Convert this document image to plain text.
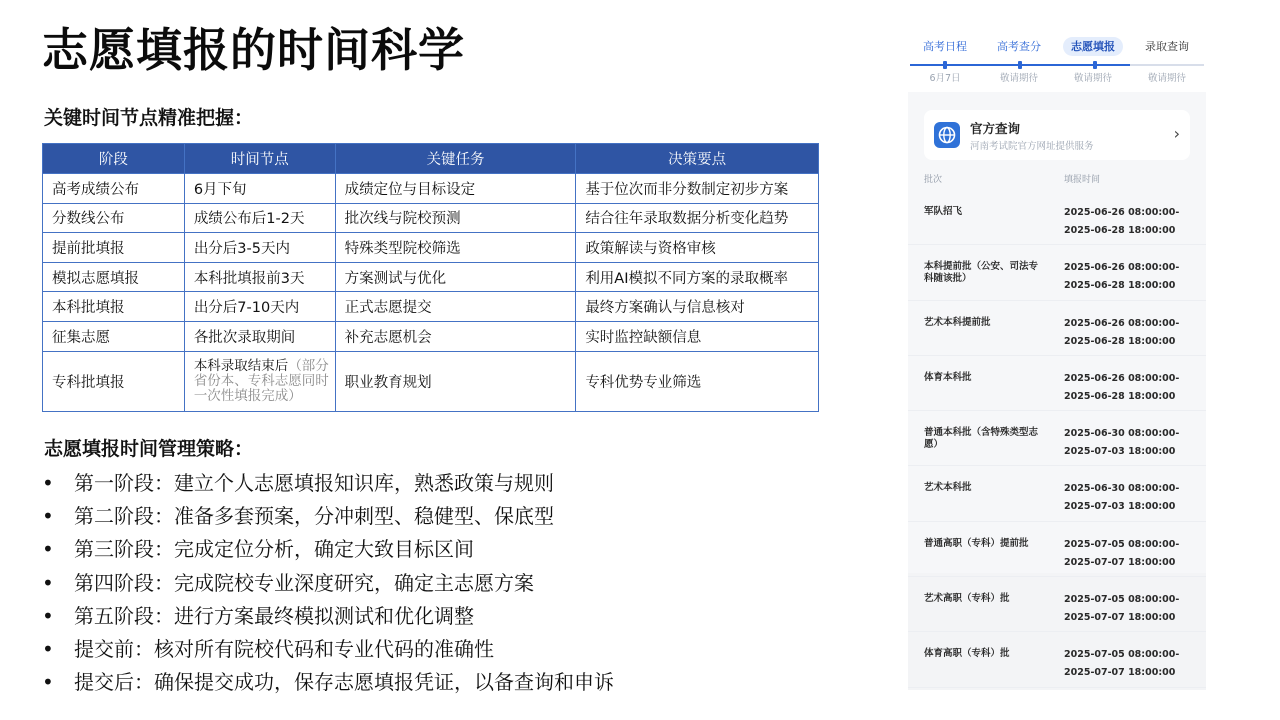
志愿填报的时间科学
关键时间节点精准把握：
阶段	时间节点	关键任务	决策要点
高考成绩公布	6月下旬	成绩定位与目标设定	基于位次而非分数制定初步方案
分数线公布	成绩公布后1-2天	批次线与院校预测	结合往年录取数据分析变化趋势
提前批填报	出分后3-5天内	特殊类型院校筛选	政策解读与资格审核
模拟志愿填报	本科批填报前3天	方案测试与优化	利用AI模拟不同方案的录取概率
本科批填报	出分后7-10天内	正式志愿提交	最终方案确认与信息核对
征集志愿	各批次录取期间	补充志愿机会	实时监控缺额信息
专科批填报	本科录取结束后（部分省份本、专科志愿同时一次性填报完成）	职业教育规划	专科优势专业筛选
志愿填报时间管理策略：
•	第一阶段：建立个人志愿填报知识库，熟悉政策与规则
•	第二阶段：准备多套预案，分冲刺型、稳健型、保底型
•	第三阶段：完成定位分析，确定大致目标区间
•	第四阶段：完成院校专业深度研究，确定主志愿方案
•	第五阶段：进行方案最终模拟测试和优化调整
•	提交前：核对所有院校代码和专业代码的准确性
•	提交后：确保提交成功，保存志愿填报凭证，以备查询和申诉
高考日程	高考查分	志愿填报	录取查询
6月7日	敬请期待	敬请期待	敬请期待
官方查询
河南考试院官方网址提供服务
›
批次	填报时间
军队招飞	2025-06-26 08:00:00-
2025-06-28 18:00:00
本科提前批（公安、司法专科随该批）
2025-06-26 08:00:00-
2025-06-28 18:00:00
艺术本科提前批	2025-06-26 08:00:00-
2025-06-28 18:00:00
体育本科批	2025-06-26 08:00:00-
2025-06-28 18:00:00
普通本科批（含特殊类型志愿）
2025-06-30 08:00:00-
2025-07-03 18:00:00
艺术本科批	2025-06-30 08:00:00-
2025-07-03 18:00:00
普通高职（专科）提前批	2025-07-05 08:00:00-
2025-07-07 18:00:00
艺术高职（专科）批	2025-07-05 08:00:00-
2025-07-07 18:00:00
体育高职（专科）批	2025-07-05 08:00:00-
2025-07-07 18:00:00
